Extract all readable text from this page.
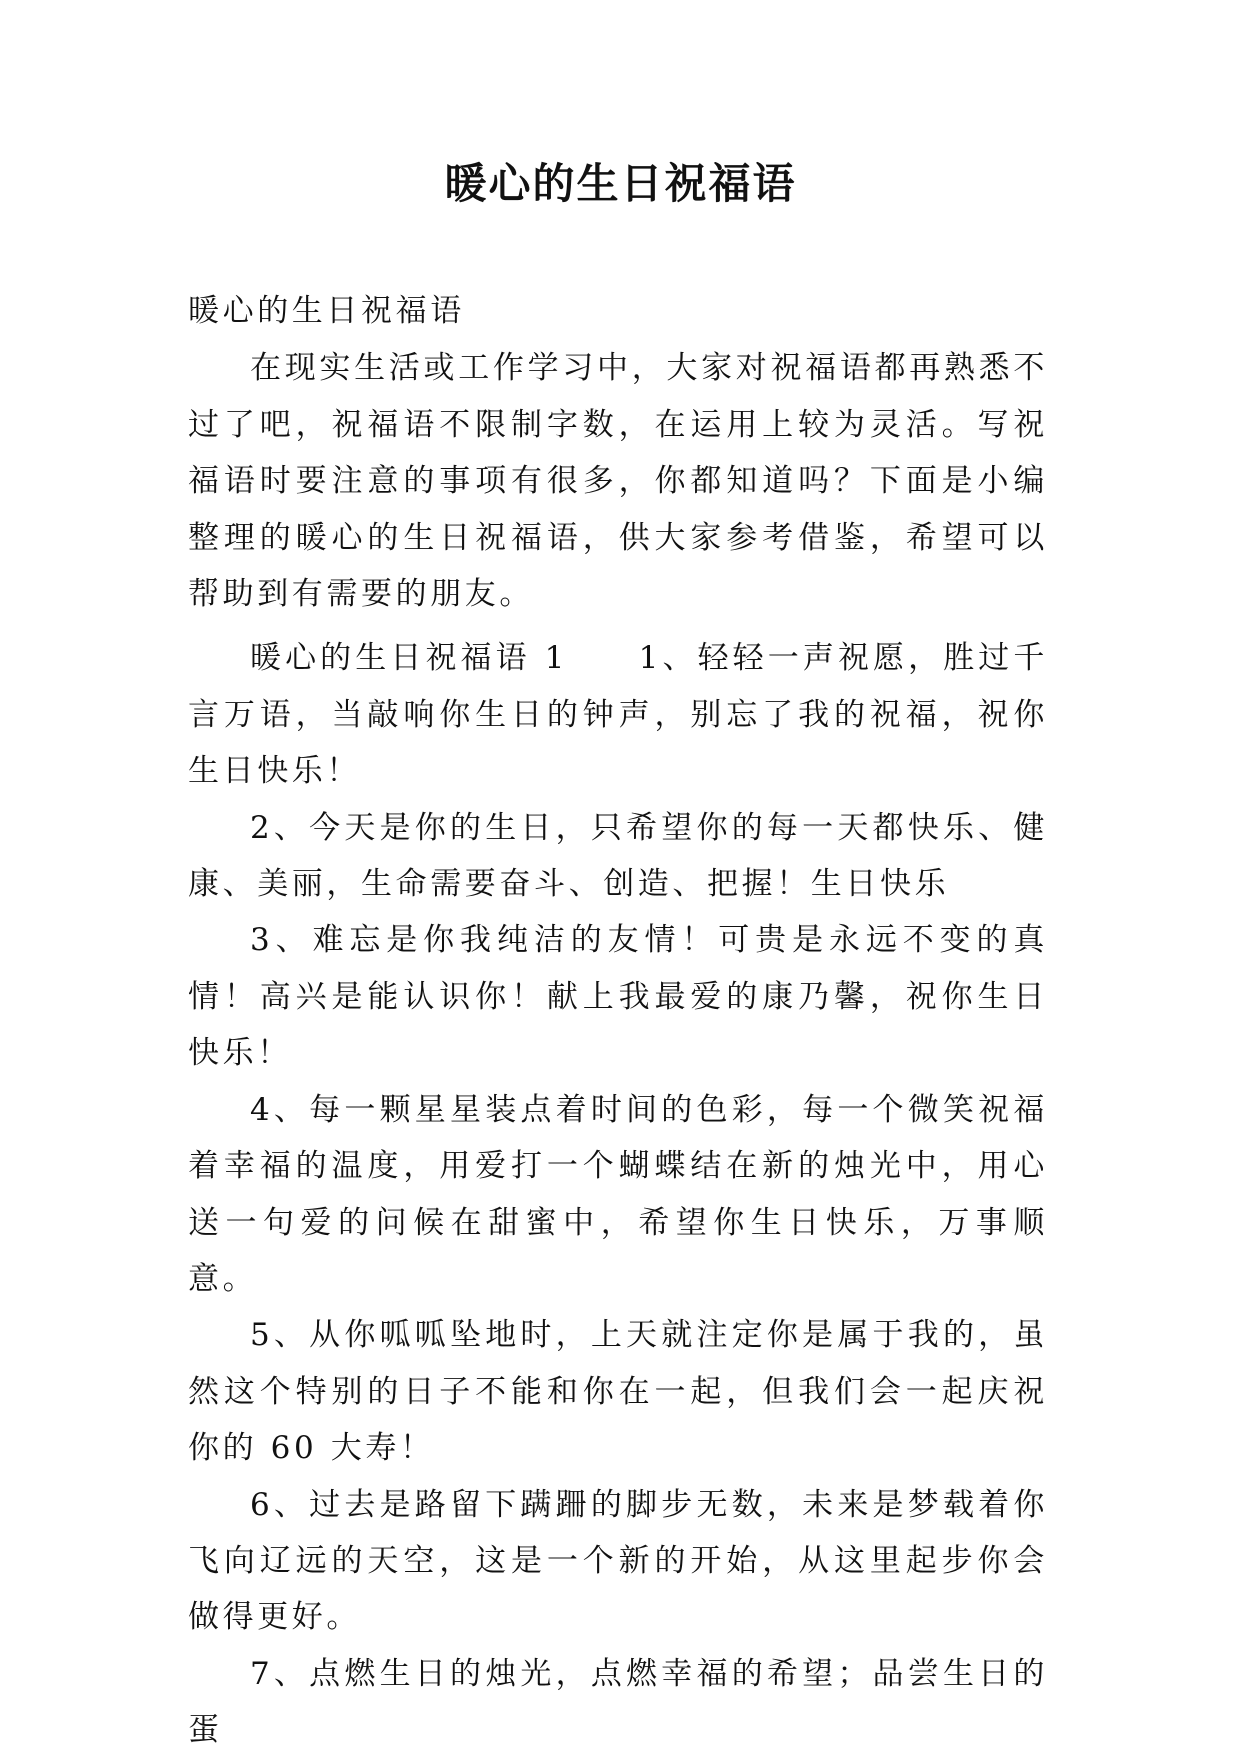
暖心的生日祝福语

暖心的生日祝福语

在现实生活或工作学习中，大家对祝福语都再熟悉不过了吧，祝福语不限制字数，在运用上较为灵活。写祝福语时要注意的事项有很多，你都知道吗？下面是小编整理的暖心的生日祝福语，供大家参考借鉴，希望可以帮助到有需要的朋友。

暖心的生日祝福语 1　　1、轻轻一声祝愿，胜过千言万语，当敲响你生日的钟声，别忘了我的祝福，祝你生日快乐！

2、今天是你的生日，只希望你的每一天都快乐、健康、美丽，生命需要奋斗、创造、把握！生日快乐

3、难忘是你我纯洁的友情！可贵是永远不变的真情！高兴是能认识你！献上我最爱的康乃馨，祝你生日快乐！

4、每一颗星星装点着时间的色彩，每一个微笑祝福着幸福的温度，用爱打一个蝴蝶结在新的烛光中，用心送一句爱的问候在甜蜜中，希望你生日快乐，万事顺意。

5、从你呱呱坠地时，上天就注定你是属于我的，虽然这个特别的日子不能和你在一起，但我们会一起庆祝你的 60 大寿！

6、过去是路留下蹒跚的脚步无数，未来是梦载着你飞向辽远的天空，这是一个新的开始，从这里起步你会做得更好。

7、点燃生日的烛光，点燃幸福的希望；品尝生日的蛋
